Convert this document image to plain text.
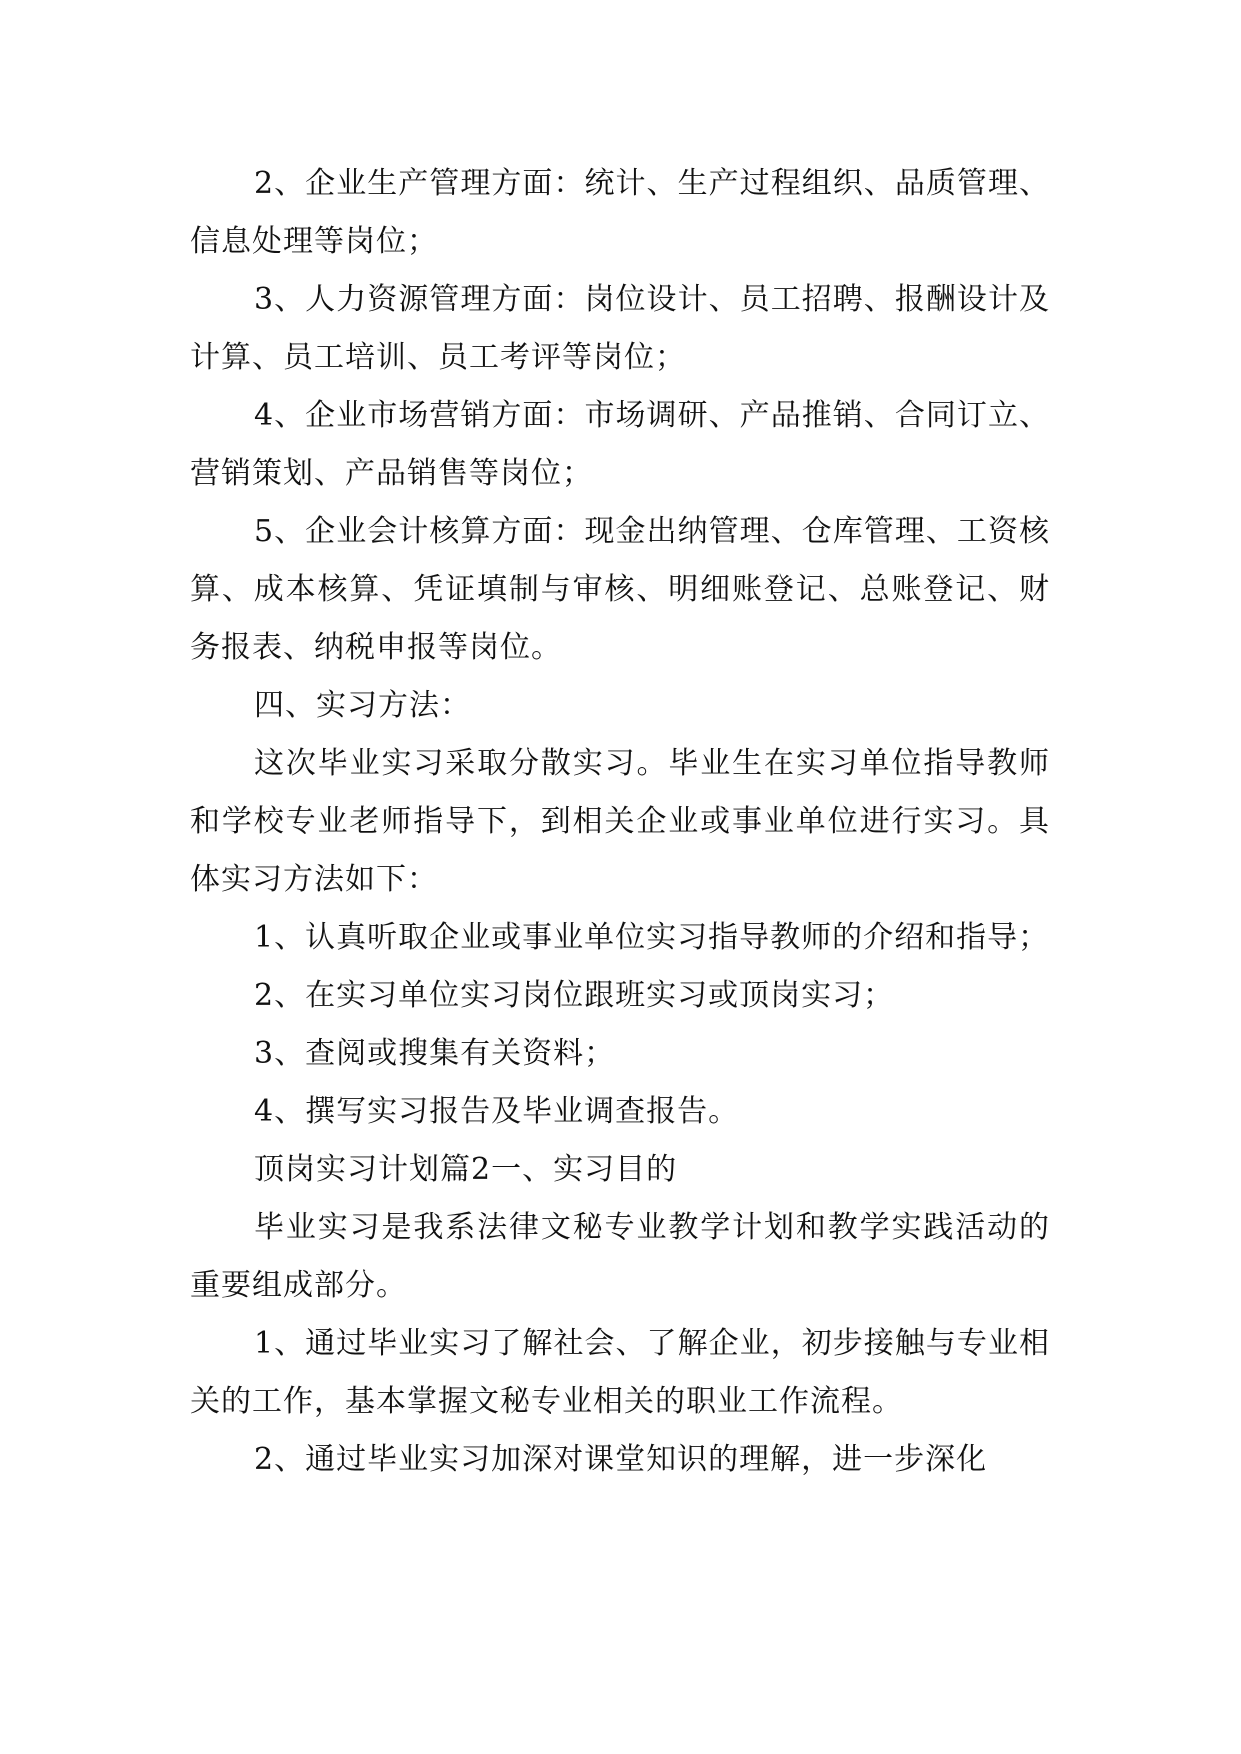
2、企业生产管理方面：统计、生产过程组织、品质管理、信息处理等岗位；

3、人力资源管理方面：岗位设计、员工招聘、报酬设计及计算、员工培训、员工考评等岗位；

4、企业市场营销方面：市场调研、产品推销、合同订立、营销策划、产品销售等岗位；

5、企业会计核算方面：现金出纳管理、仓库管理、工资核算、成本核算、凭证填制与审核、明细账登记、总账登记、财务报表、纳税申报等岗位。

四、实习方法：

这次毕业实习采取分散实习。毕业生在实习单位指导教师和学校专业老师指导下，到相关企业或事业单位进行实习。具体实习方法如下：

1、认真听取企业或事业单位实习指导教师的介绍和指导；

2、在实习单位实习岗位跟班实习或顶岗实习；

3、查阅或搜集有关资料；

4、撰写实习报告及毕业调查报告。

顶岗实习计划篇2一、实习目的

毕业实习是我系法律文秘专业教学计划和教学实践活动的重要组成部分。

1、通过毕业实习了解社会、了解企业，初步接触与专业相关的工作，基本掌握文秘专业相关的职业工作流程。

2、通过毕业实习加深对课堂知识的理解，进一步深化
